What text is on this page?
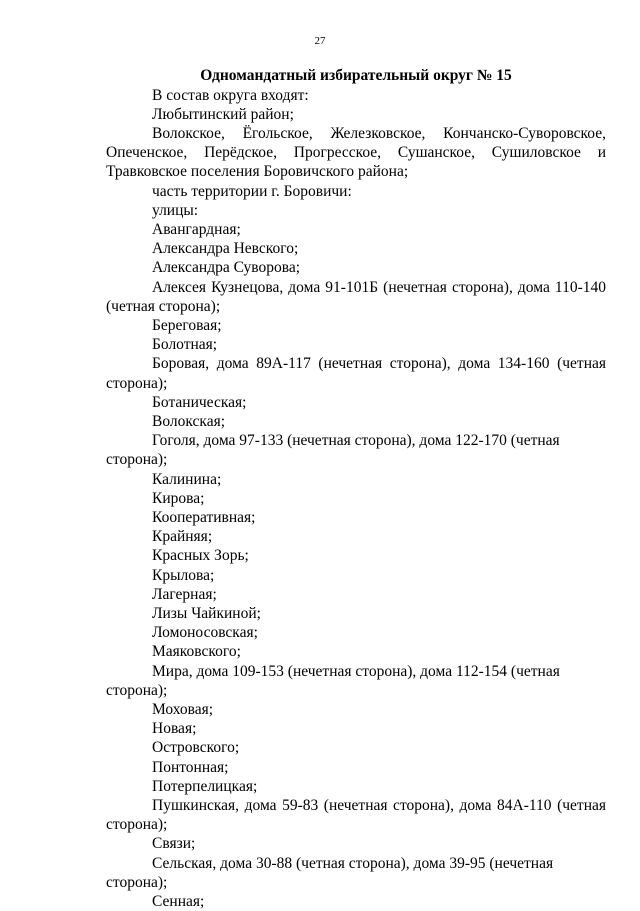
27
Одномандатный избирательный округ № 15

В состав округа входят:

Любытинский район;

Волокское, Ёгольское, Железковское, Кончанско-Суворовское, Опеченское, Перёдское, Прогресское, Сушанское, Сушиловское и Травковское поселения Боровичского района;

часть территории г. Боровичи:

улицы:

Авангардная;

Александра Невского;

Александра Суворова;

Алексея Кузнецова, дома 91-101Б (нечетная сторона), дома 110-140 (четная сторона);

Береговая;

Болотная;

Боровая, дома 89А-117 (нечетная сторона), дома 134-160 (четная сторона);

Ботаническая;

Волокская;

Гоголя, дома 97-133 (нечетная сторона), дома 122-170 (четная сторона);

Калинина;

Кирова;

Кооперативная;

Крайняя;

Красных Зорь;

Крылова;

Лагерная;

Лизы Чайкиной;

Ломоносовская;

Маяковского;

Мира, дома 109-153 (нечетная сторона), дома 112-154 (четная сторона);

Моховая;

Новая;

Островского;

Понтонная;

Потерпелицкая;

Пушкинская, дома 59-83 (нечетная сторона), дома 84А-110 (четная сторона);

Связи;

Сельская, дома 30-88 (четная сторона), дома 39-95 (нечетная сторона);

Сенная;
